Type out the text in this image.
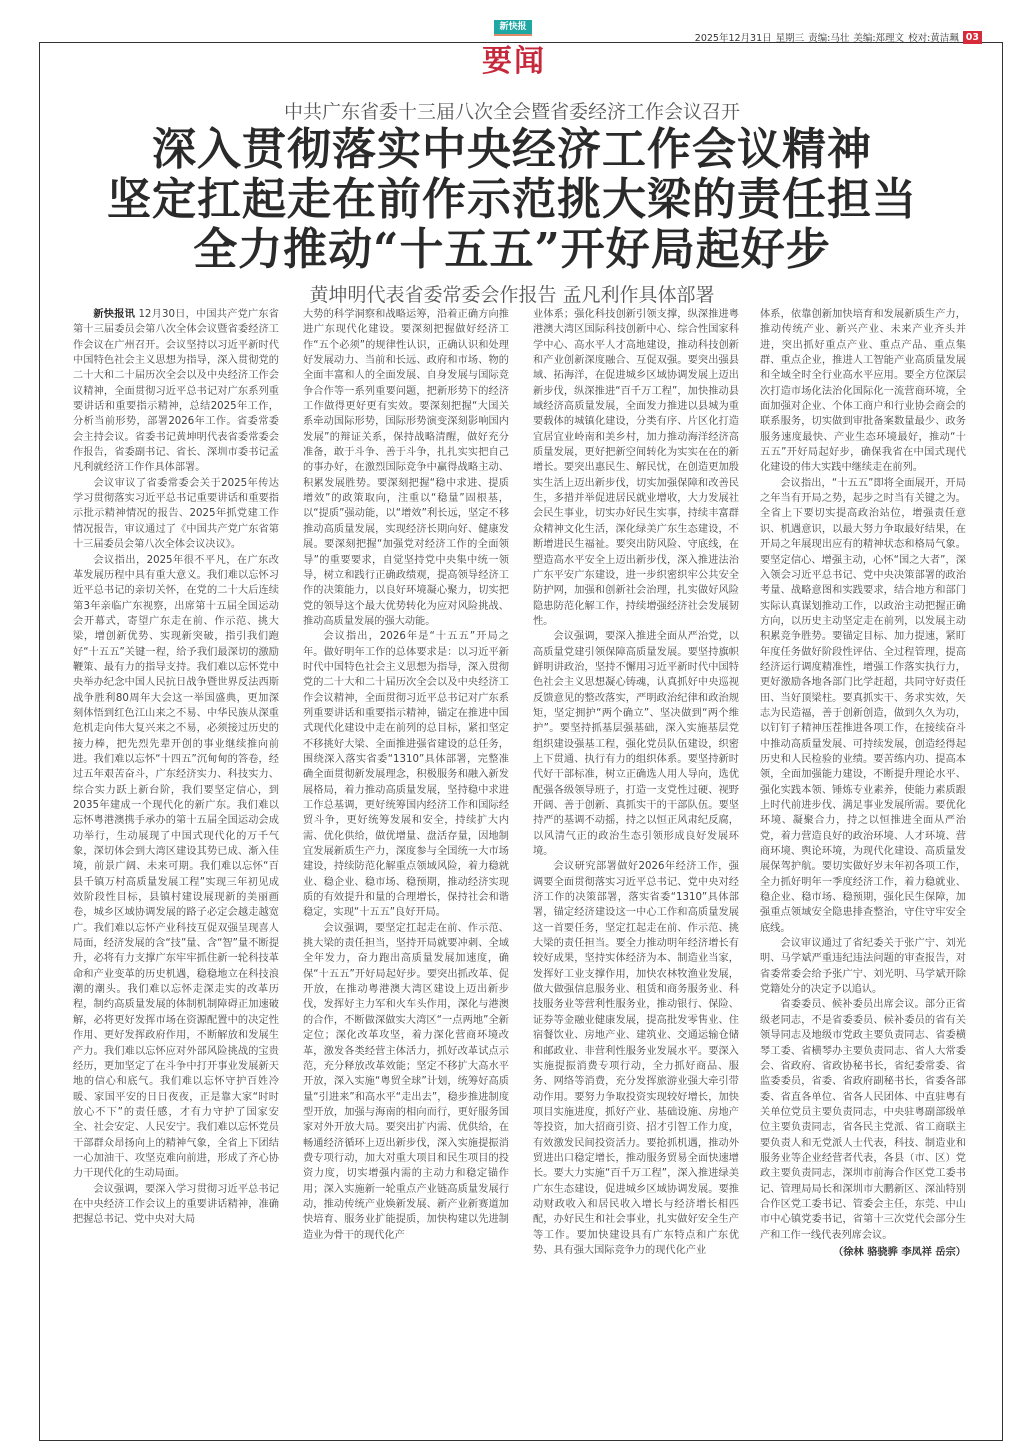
新快报
要闻
2025年12月31日 星期三 责编:马壮 美编:郑理文 校对:黄洁珮 03
中共广东省委十三届八次全会暨省委经济工作会议召开
深入贯彻落实中央经济工作会议精神
坚定扛起走在前作示范挑大梁的责任担当
全力推动“十五五”开好局起好步
黄坤明代表省委常委会作报告 孟凡利作具体部署

新快报讯 12月30日，中国共产党广东省第十三届委员会第八次全体会议暨省委经济工作会议在广州召开。会议坚持以习近平新时代中国特色社会主义思想为指导，深入贯彻党的二十大和二十届历次全会以及中央经济工作会议精神，全面贯彻习近平总书记对广东系列重要讲话和重要指示精神，总结2025年工作，分析当前形势，部署2026年工作。省委常委会主持会议。省委书记黄坤明代表省委常委会作报告，省委副书记、省长、深圳市委书记孟凡利就经济工作作具体部署。

会议审议了省委常委会关于2025年传达学习贯彻落实习近平总书记重要讲话和重要指示批示精神情况的报告、2025年抓党建工作情况报告，审议通过了《中国共产党广东省第十三届委员会第八次全体会议决议》。

会议指出，2025年很不平凡，在广东改革发展历程中具有重大意义。我们难以忘怀习近平总书记的亲切关怀，在党的二十大后连续第3年亲临广东视察，出席第十五届全国运动会开幕式，寄望广东走在前、作示范、挑大梁，增创新优势、实现新突破，指引我们跑好“十五五”关键一程，给予我们最深切的激励鞭策、最有力的指导支持。我们难以忘怀党中央举办纪念中国人民抗日战争暨世界反法西斯战争胜利80周年大会这一举国盛典，更加深刻体悟到红色江山来之不易、中华民族从深重危机走向伟大复兴来之不易，必须接过历史的接力棒，把先烈先辈开创的事业继续推向前进。我们难以忘怀“十四五”沉甸甸的答卷，经过五年艰苦奋斗，广东经济实力、科技实力、综合实力跃上新台阶，我们要坚定信心，到2035年建成一个现代化的新广东。我们难以忘怀粤港澳携手承办的第十五届全国运动会成功举行，生动展现了中国式现代化的万千气象，深切体会到大湾区建设其势已成、渐入佳境，前景广阔、未来可期。我们难以忘怀“百县千镇万村高质量发展工程”实现三年初见成效阶段性目标，县镇村建设展现新的美丽画卷，城乡区域协调发展的路子必定会越走越宽广。我们难以忘怀产业科技互促双强呈现喜人局面，经济发展的含“技”量、含“智”量不断提升，必将有力支撑广东牢牢抓住新一轮科技革命和产业变革的历史机遇，稳稳地立在科技浪潮的潮头。我们难以忘怀走深走实的改革历程，制约高质量发展的体制机制障碍正加速破解，必将更好发挥市场在资源配置中的决定性作用、更好发挥政府作用，不断解放和发展生产力。我们难以忘怀应对外部风险挑战的宝贵经历，更加坚定了在斗争中打开事业发展新天地的信心和底气。我们难以忘怀守护百姓冷暖、家国平安的日日夜夜，正是靠大家“时时放心不下”的责任感，才有力守护了国家安全、社会安定、人民安宁。我们难以忘怀党员干部群众昂扬向上的精神气象，全省上下团结一心加油干、攻坚克难向前进，形成了齐心协力干现代化的生动局面。

会议强调，要深入学习贯彻习近平总书记在中央经济工作会议上的重要讲话精神，准确把握总书记、党中央对大局

大势的科学洞察和战略运筹，沿着正确方向推进广东现代化建设。要深刻把握做好经济工作“五个必须”的规律性认识，正确认识和处理好发展动力、当前和长远、政府和市场、物的全面丰富和人的全面发展、自身发展与国际竞争合作等一系列重要问题，把新形势下的经济工作做得更好更有实效。要深刻把握“大国关系牵动国际形势，国际形势演变深刻影响国内发展”的辩证关系，保持战略清醒，做好充分准备，敢于斗争、善于斗争，扎扎实实把自己的事办好，在激烈国际竞争中赢得战略主动、积累发展胜势。要深刻把握“稳中求进、提质增效”的政策取向，注重以“稳量”固根基，以“提质”强动能，以“增效”利长远，坚定不移推动高质量发展，实现经济长期向好、健康发展。要深刻把握“加强党对经济工作的全面领导”的重要要求，自觉坚持党中央集中统一领导，树立和践行正确政绩观，提高领导经济工作的决策能力，以良好环境凝心聚力，切实把党的领导这个最大优势转化为应对风险挑战、推动高质量发展的强大动能。

会议指出，2026年是“十五五”开局之年。做好明年工作的总体要求是：以习近平新时代中国特色社会主义思想为指导，深入贯彻党的二十大和二十届历次全会以及中央经济工作会议精神，全面贯彻习近平总书记对广东系列重要讲话和重要指示精神，锚定在推进中国式现代化建设中走在前列的总目标，紧扣坚定不移挑好大梁、全面推进强省建设的总任务，围绕深入落实省委“1310”具体部署，完整准确全面贯彻新发展理念，积极服务和融入新发展格局，着力推动高质量发展，坚持稳中求进工作总基调，更好统筹国内经济工作和国际经贸斗争，更好统筹发展和安全，持续扩大内需、优化供给，做优增量、盘活存量，因地制宜发展新质生产力，深度参与全国统一大市场建设，持续防范化解重点领域风险，着力稳就业、稳企业、稳市场、稳预期，推动经济实现质的有效提升和量的合理增长，保持社会和谐稳定，实现“十五五”良好开局。

会议强调，要坚定扛起走在前、作示范、挑大梁的责任担当，坚持开局就要冲刺、全域全年发力，奋力跑出高质量发展加速度，确保“十五五”开好局起好步。要突出抓改革、促开放，在推动粤港澳大湾区建设上迈出新步伐，发挥好主力军和火车头作用，深化与港澳的合作，不断做深做实大湾区“一点两地”全新定位；深化改革攻坚，着力深化营商环境改革，激发各类经营主体活力，抓好改革试点示范，充分释放改革效能；坚定不移扩大高水平开放，深入实施“粤贸全球”计划，统筹好高质量“引进来”和高水平“走出去”，稳步推进制度型开放，加强与海南的相向而行，更好服务国家对外开放大局。要突出扩内需、优供给，在畅通经济循环上迈出新步伐，深入实施提振消费专项行动，加大对重大项目和民生项目的投资力度，切实增强内需的主动力和稳定锚作用；深入实施新一轮重点产业链高质量发展行动，推动传统产业焕新发展、新产业新赛道加快培育、服务业扩能提质，加快构建以先进制造业为骨干的现代化产

业体系；强化科技创新引领支撑，纵深推进粤港澳大湾区国际科技创新中心、综合性国家科学中心、高水平人才高地建设，推动科技创新和产业创新深度融合、互促双强。要突出强县域、拓海洋，在促进城乡区域协调发展上迈出新步伐，纵深推进“百千万工程”，加快推动县域经济高质量发展，全面发力推进以县城为重要载体的城镇化建设，分类有序、片区化打造宜居宜业岭南和美乡村，加力推动海洋经济高质量发展，更好把新空间转化为实实在在的新增长。要突出惠民生、解民忧，在创造更加殷实生活上迈出新步伐，切实加强保障和改善民生，多措并举促进居民就业增收，大力发展社会民生事业，切实办好民生实事，持续丰富群众精神文化生活，深化绿美广东生态建设，不断增进民生福祉。要突出防风险、守底线，在塑造高水平安全上迈出新步伐，深入推进法治广东平安广东建设，进一步织密织牢公共安全防护网，加强和创新社会治理，扎实做好风险隐患防范化解工作，持续增强经济社会发展韧性。

会议强调，要深入推进全面从严治党，以高质量党建引领保障高质量发展。要坚持旗帜鲜明讲政治，坚持不懈用习近平新时代中国特色社会主义思想凝心铸魂，认真抓好中央巡视反馈意见的整改落实，严明政治纪律和政治规矩，坚定拥护“两个确立”、坚决做到“两个维护”。要坚持抓基层强基础，深入实施基层党组织建设强基工程，强化党员队伍建设，织密上下贯通、执行有力的组织体系。要坚持新时代好干部标准，树立正确选人用人导向，选优配强各级领导班子，打造一支党性过硬、视野开阔、善于创新、真抓实干的干部队伍。要坚持严的基调不动摇，持之以恒正风肃纪反腐，以风清气正的政治生态引领形成良好发展环境。

会议研究部署做好2026年经济工作，强调要全面贯彻落实习近平总书记、党中央对经济工作的决策部署，落实省委“1310”具体部署，锚定经济建设这一中心工作和高质量发展这一首要任务，坚定扛起走在前、作示范、挑大梁的责任担当。要全力推动明年经济增长有较好成果，坚持实体经济为本、制造业当家，发挥好工业支撑作用，加快农林牧渔业发展，做大做强信息服务业、租赁和商务服务业、科技服务业等营利性服务业，推动银行、保险、证券等金融业健康发展，提高批发零售业、住宿餐饮业、房地产业、建筑业、交通运输仓储和邮政业、非营利性服务业发展水平。要深入实施提振消费专项行动，全力抓好商品、服务、网络等消费，充分发挥旅游业强大牵引带动作用。要努力争取投资实现较好增长，加快项目实施进度，抓好产业、基础设施、房地产等投资，加大招商引资、招才引智工作力度，有效激发民间投资活力。要抢抓机遇，推动外贸进出口稳定增长，推动服务贸易全面快速增长。要大力实施“百千万工程”，深入推进绿美广东生态建设，促进城乡区域协调发展。要推动财政收入和居民收入增长与经济增长相匹配，办好民生和社会事业，扎实做好安全生产等工作。要加快建设具有广东特点和广东优势、具有强大国际竞争力的现代化产业

体系，依靠创新加快培育和发展新质生产力，推动传统产业、新兴产业、未来产业齐头并进，突出抓好重点产业、重点产品、重点集群、重点企业，推进人工智能产业高质量发展和全域全时全行业高水平应用。要全方位深层次打造市场化法治化国际化一流营商环境，全面加强对企业、个体工商户和行业协会商会的联系服务，切实做到审批备案数量最少、政务服务速度最快、产业生态环境最好，推动“十五五”开好局起好步，确保我省在中国式现代化建设的伟大实践中继续走在前列。

会议指出，“十五五”即将全面展开，开局之年当有开局之势，起步之时当有关键之为。全省上下要切实提高政治站位，增强责任意识、机遇意识，以最大努力争取最好结果，在开局之年展现出应有的精神状态和格局气象。要坚定信心、增强主动，心怀“国之大者”，深入领会习近平总书记、党中央决策部署的政治考量、战略意图和实践要求，结合地方和部门实际认真谋划推动工作，以政治主动把握正确方向，以历史主动坚定走在前列，以发展主动积累竞争胜势。要锚定目标、加力提速，紧盯年度任务做好阶段性评估、全过程管理，提高经济运行调度精准性，增强工作落实执行力，更好激励各地各部门比学赶超，共同守好责任田、当好顶梁柱。要真抓实干、务求实效，矢志为民造福，善于创新创造，做到久久为功，以钉钉子精神压茬推进各项工作，在接续奋斗中推动高质量发展、可持续发展，创造经得起历史和人民检验的业绩。要苦练内功、提高本领，全面加强能力建设，不断提升理论水平、强化实践本领、锤炼专业素养，使能力素质跟上时代前进步伐、满足事业发展所需。要优化环境、凝聚合力，持之以恒推进全面从严治党，着力营造良好的政治环境、人才环境、营商环境、舆论环境，为现代化建设、高质量发展保驾护航。要切实做好岁末年初各项工作，全力抓好明年一季度经济工作，着力稳就业、稳企业、稳市场、稳预期，强化民生保障，加强重点领域安全隐患排查整治，守住守牢安全底线。

会议审议通过了省纪委关于张广宁、刘光明、马学斌严重违纪违法问题的审查报告，对省委常委会给予张广宁、刘光明、马学斌开除党籍处分的决定予以追认。

省委委员、候补委员出席会议。部分正省级老同志，不是省委委员、候补委员的省有关领导同志及地级市党政主要负责同志、省委横琴工委、省横琴办主要负责同志、省人大常委会、省政府、省政协秘书长，省纪委常委、省监委委员，省委、省政府副秘书长，省委各部委、省直各单位、省各人民团体、中直驻粤有关单位党员主要负责同志，中央驻粤副部级单位主要负责同志，省各民主党派、省工商联主要负责人和无党派人士代表，科技、制造业和服务业等企业经营者代表，各县（市、区）党政主要负责同志，深圳市前海合作区党工委书记、管理局局长和深圳市大鹏新区、深汕特别合作区党工委书记、管委会主任，东莞、中山市中心镇党委书记，省第十三次党代会部分生产和工作一线代表列席会议。

（徐林 骆骁骅 李凤祥 岳宗）
